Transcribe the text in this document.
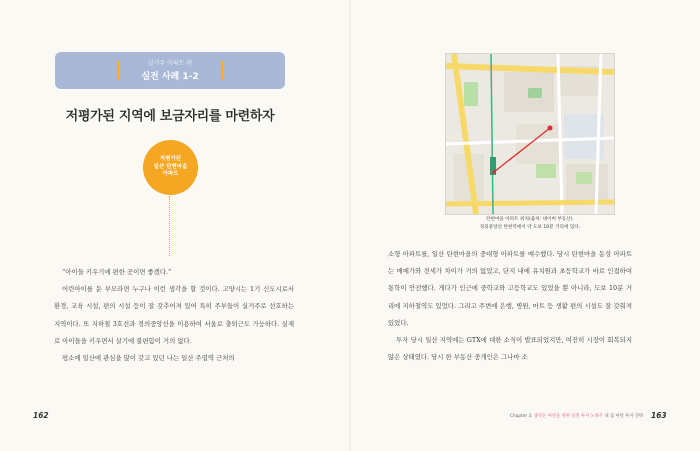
실거주 아파트 편
실전 사례 1-2
저평가된 지역에 보금자리를 마련하자
저평가된
일산 탄현마을
아파트

“아이들 키우기에 편한 곳이면 좋겠다.”

어린아이를 둔 부모라면 누구나 이런 생각을 할 것이다. 고양시는 1기 신도시로서 환경, 교육 시설, 편의 시설 등이 잘 갖추어져 있어 특히 주부들이 실거주로 선호하는 지역이다. 또 지하철 3호선과 경의중앙선을 이용하여 서울로 출퇴근도 가능하다. 실제로 아이들을 키우면서 살기에 불편함이 거의 없다.

평소에 일산에 관심을 많이 갖고 있던 나는 일산 주엽역 근처의

162
탄현마을 아파트 위치(출처: 네이버 부동산).
경의중앙선 탄현역에서 약 도보 10분 거리에 있다.

소형 아파트를, 일산 탄현마을의 중대형 아파트를 매수했다. 당시 탄현마을 동성 아파트는 매매가와 전세가 차이가 거의 없었고, 단지 내에 유치원과 초등학교가 바로 인접하여 통학이 안전했다. 게다가 인근에 중학교와 고등학교도 있었을 뿐 아니라, 도보 10분 거리에 지하철역도 있었다. 그리고 주변에 은행, 병원, 마트 등 생활 편의 시설도 잘 갖춰져 있었다.

투자 당시 일산 지역에는 GTX에 대한 소식이 발표되었지만, 여전히 시장이 회복되지 않은 상태였다. 당시 한 부동산 중개인은 그나마 소

Chapter 3. 종잣돈 마련을 위한 실전 투자 노하우 내 집 마련 투자 전략 163
